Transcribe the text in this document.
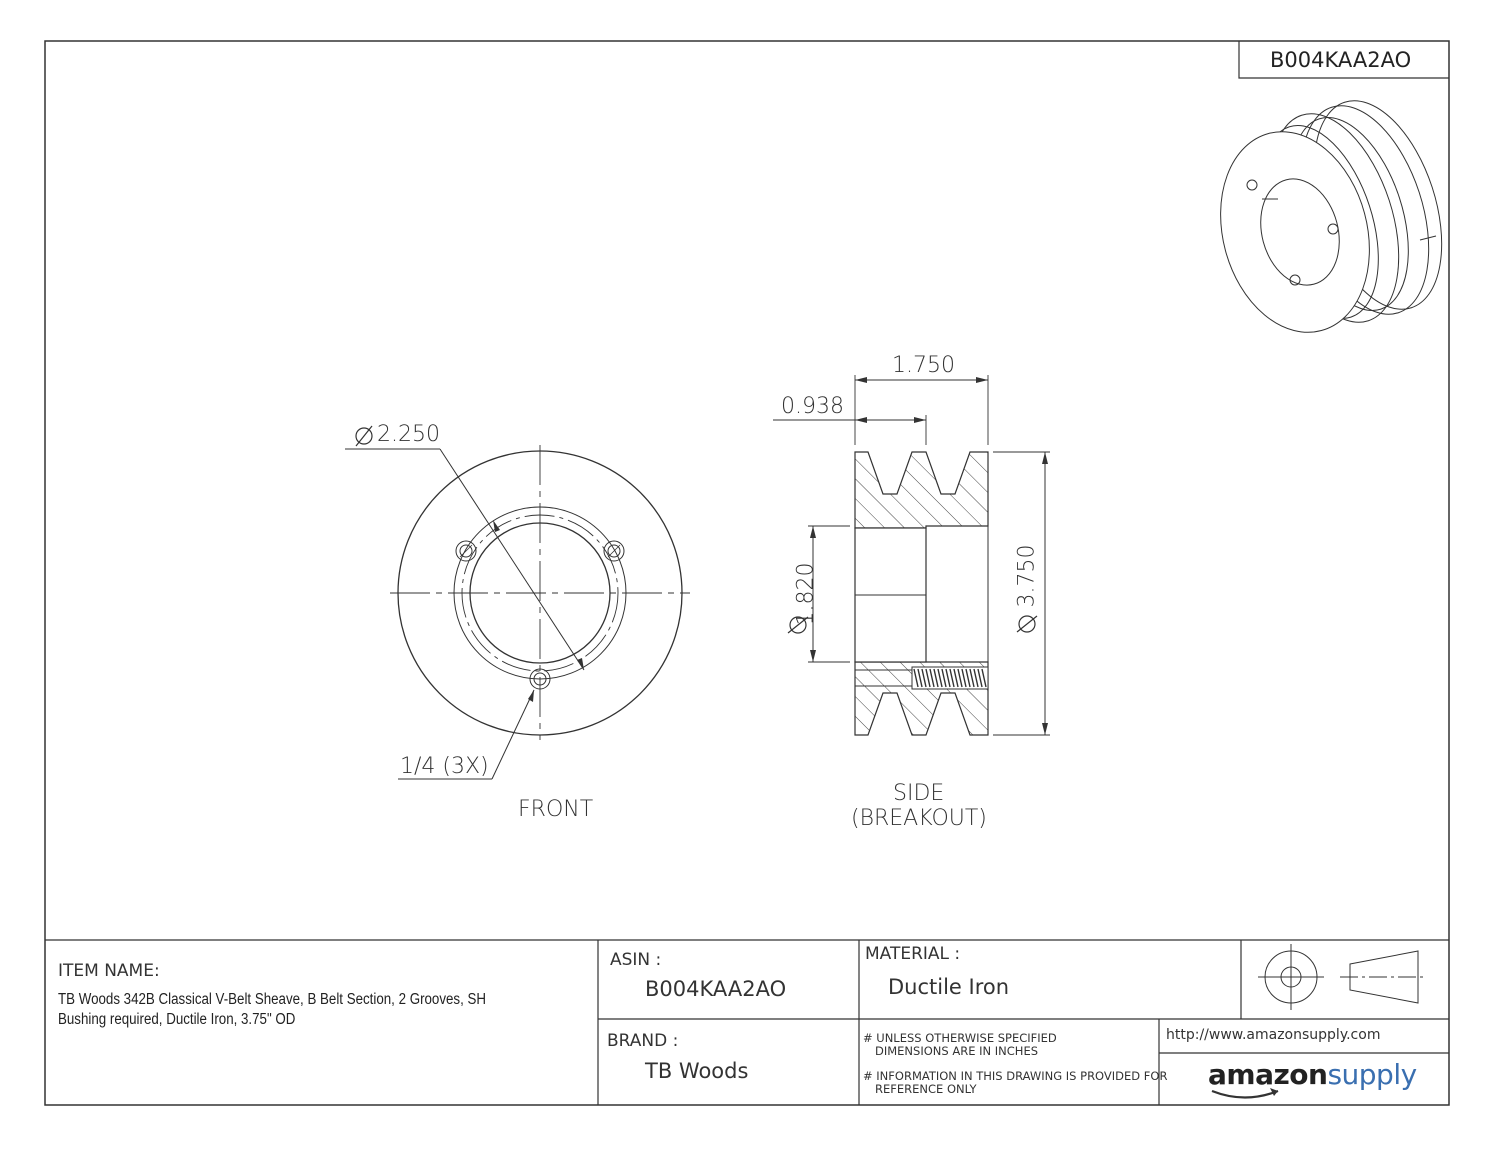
B004KAA2AO
2.250
1/4 (3X)
FRONT
1.750
0.938
1.820	3.750
SIDE
(BREAKOUT)
ITEM NAME:
TB Woods 342B Classical V-Belt Sheave, B Belt Section, 2 Grooves, SH
Bushing required, Ductile Iron, 3.75" OD
ASIN :
B004KAA2AO
MATERIAL :
Ductile Iron
BRAND :
TB Woods
# UNLESS OTHERWISE SPECIFIED
DIMENSIONS ARE IN INCHES
# INFORMATION IN THIS DRAWING IS PROVIDED FOR
REFERENCE ONLY
http://www.amazonsupply.com
amazonsupply
